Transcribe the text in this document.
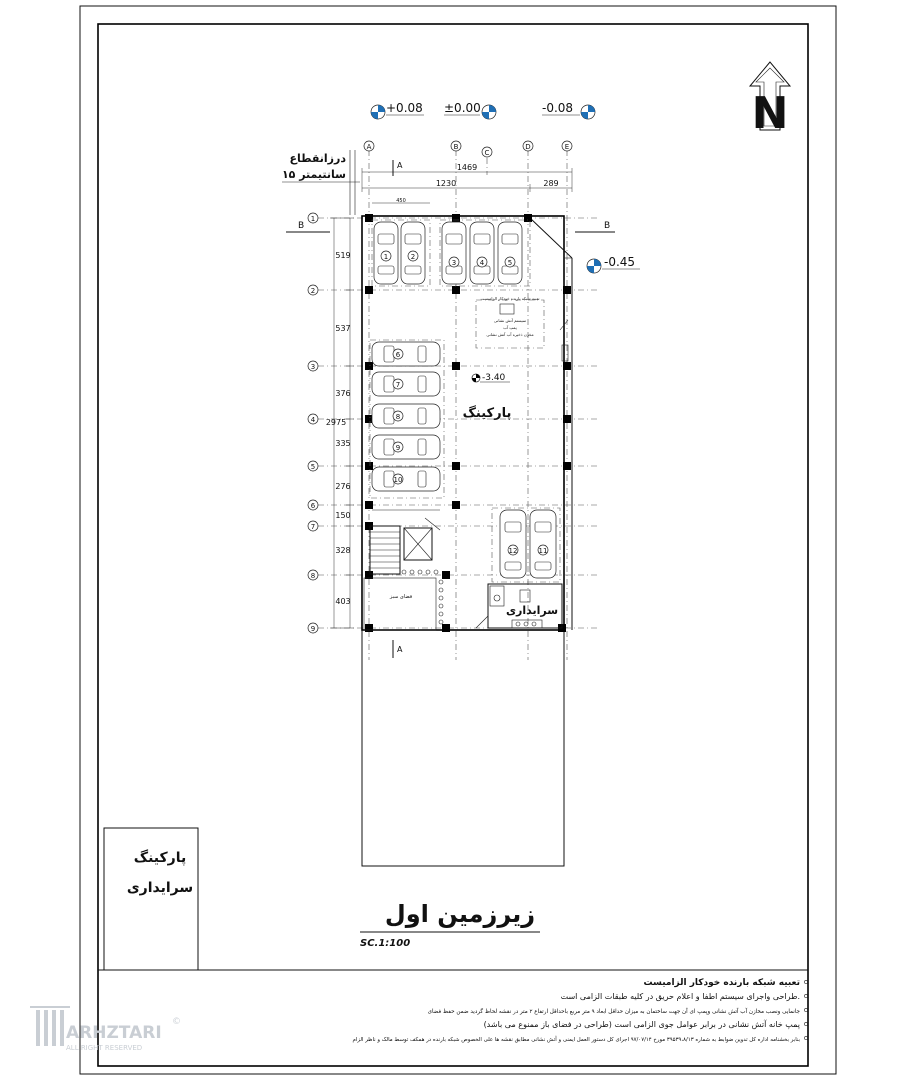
N
+0.08 ±0.00	-0.08
-0.45
درزانقطاع
۱۵ سانتیمتر
A	B
C
D	E
1
2
3
4
5
6
7
8
9
1469
1230	289
450
519
537
376
335
276
150
328
403
2975
B	B
A
A
1	2
3	4	5
6
7
8
9
10
11
12
تعبیه شبکه بارنده خودکار الزامیست
سیستم آتش نشانی
پمپ آب
مخزن ذخیره آب آتش نشانی
-3.40
پارکینگ
فضای سبز
سرایداری
پارکینگ
سرایداری
زیرزمین اول
SC.1:100
تعبیه شبکه بارنده خودکار الزامیست
طراحی واجرای سیستم اطفا و اعلام حریق در کلیه طبقات الزامی است.
جانمایی ونصب مخازن آب آتش نشانی وپمپ ای آن جهت ساختمان به میزان حداقل ابعاد ۹ متر مربع باحداقل ارتفاع ۲ متر در نقشه لحاظ گردید ضمن حفظ فضای
پمپ خانه آتش نشانی در برابر عوامل جوی الزامی است (طراحی در فضای باز ممنوع می باشد)
بنابر بخشنامه اداره کل تدوین ضوابط به شماره ۳۹۵۳۹،۸/۱۳ مورخ ۹۷/۰۷/۱۴ اجرای کل دستور العمل ایمنی و آتش نشانی مطابق نقشه ها علی الخصوص شبکه بارنده در همکف توسط مالک و ناظر الزام
ARHZTARI
ALL RIGHT RESERVED
©
